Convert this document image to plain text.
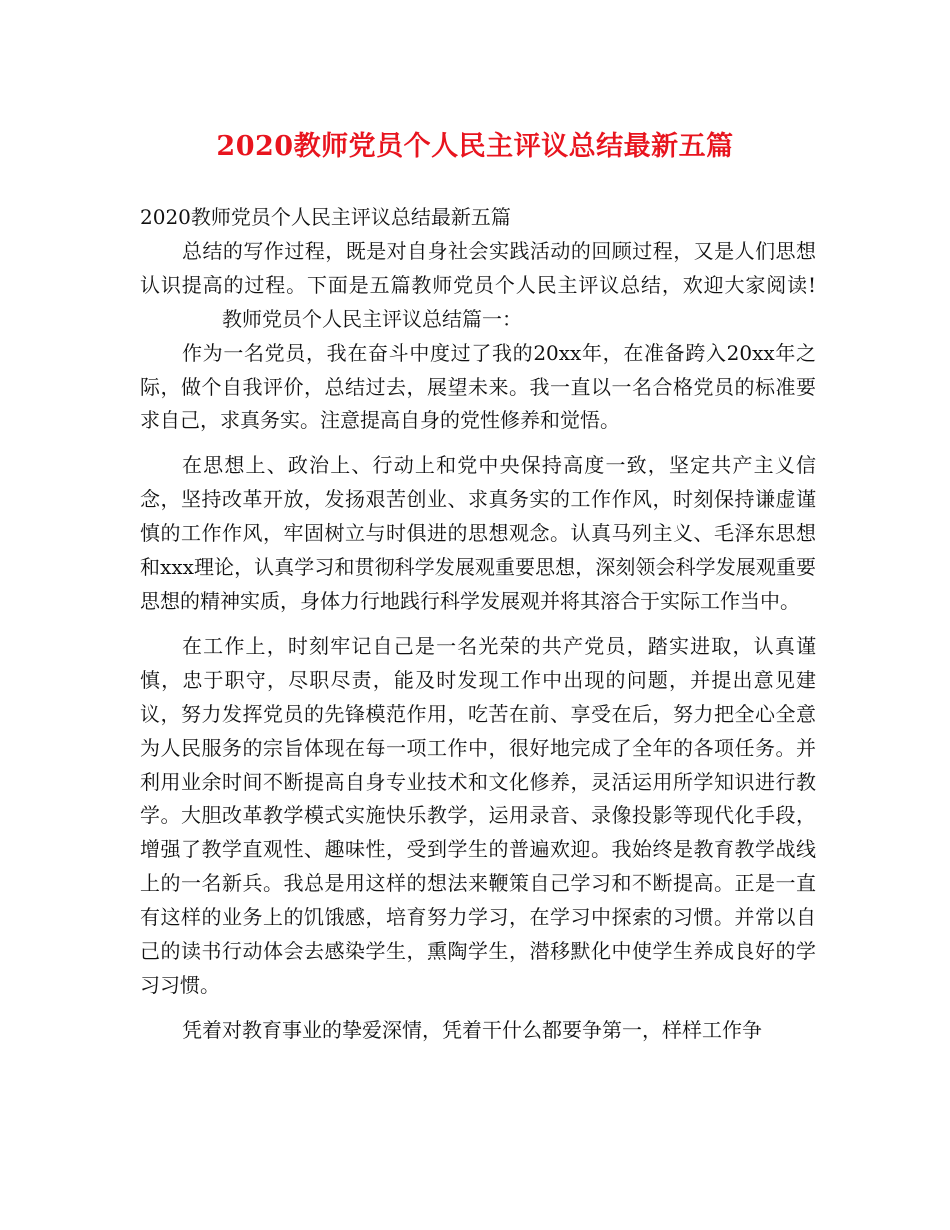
2020教师党员个人民主评议总结最新五篇

2020教师党员个人民主评议总结最新五篇

总结的写作过程，既是对自身社会实践活动的回顾过程，又是人们思想认识提高的过程。下面是五篇教师党员个人民主评议总结，欢迎大家阅读!教师党员个人民主评议总结篇一：

作为一名党员，我在奋斗中度过了我的20xx年，在准备跨入20xx年之际，做个自我评价，总结过去，展望未来。我一直以一名合格党员的标准要求自己，求真务实。注意提高自身的党性修养和觉悟。

在思想上、政治上、行动上和党中央保持高度一致，坚定共产主义信念，坚持改革开放，发扬艰苦创业、求真务实的工作作风，时刻保持谦虚谨慎的工作作风，牢固树立与时俱进的思想观念。认真马列主义、毛泽东思想和xxx理论，认真学习和贯彻科学发展观重要思想，深刻领会科学发展观重要思想的精神实质，身体力行地践行科学发展观并将其溶合于实际工作当中。

在工作上，时刻牢记自己是一名光荣的共产党员，踏实进取，认真谨慎，忠于职守，尽职尽责，能及时发现工作中出现的问题，并提出意见建议，努力发挥党员的先锋模范作用，吃苦在前、享受在后，努力把全心全意为人民服务的宗旨体现在每一项工作中，很好地完成了全年的各项任务。并利用业余时间不断提高自身专业技术和文化修养，灵活运用所学知识进行教学。大胆改革教学模式实施快乐教学，运用录音、录像投影等现代化手段，增强了教学直观性、趣味性，受到学生的普遍欢迎。我始终是教育教学战线上的一名新兵。我总是用这样的想法来鞭策自己学习和不断提高。正是一直有这样的业务上的饥饿感，培育努力学习，在学习中探索的习惯。并常以自己的读书行动体会去感染学生，熏陶学生，潜移默化中使学生养成良好的学习习惯。

凭着对教育事业的挚爱深情，凭着干什么都要争第一，样样工作争
